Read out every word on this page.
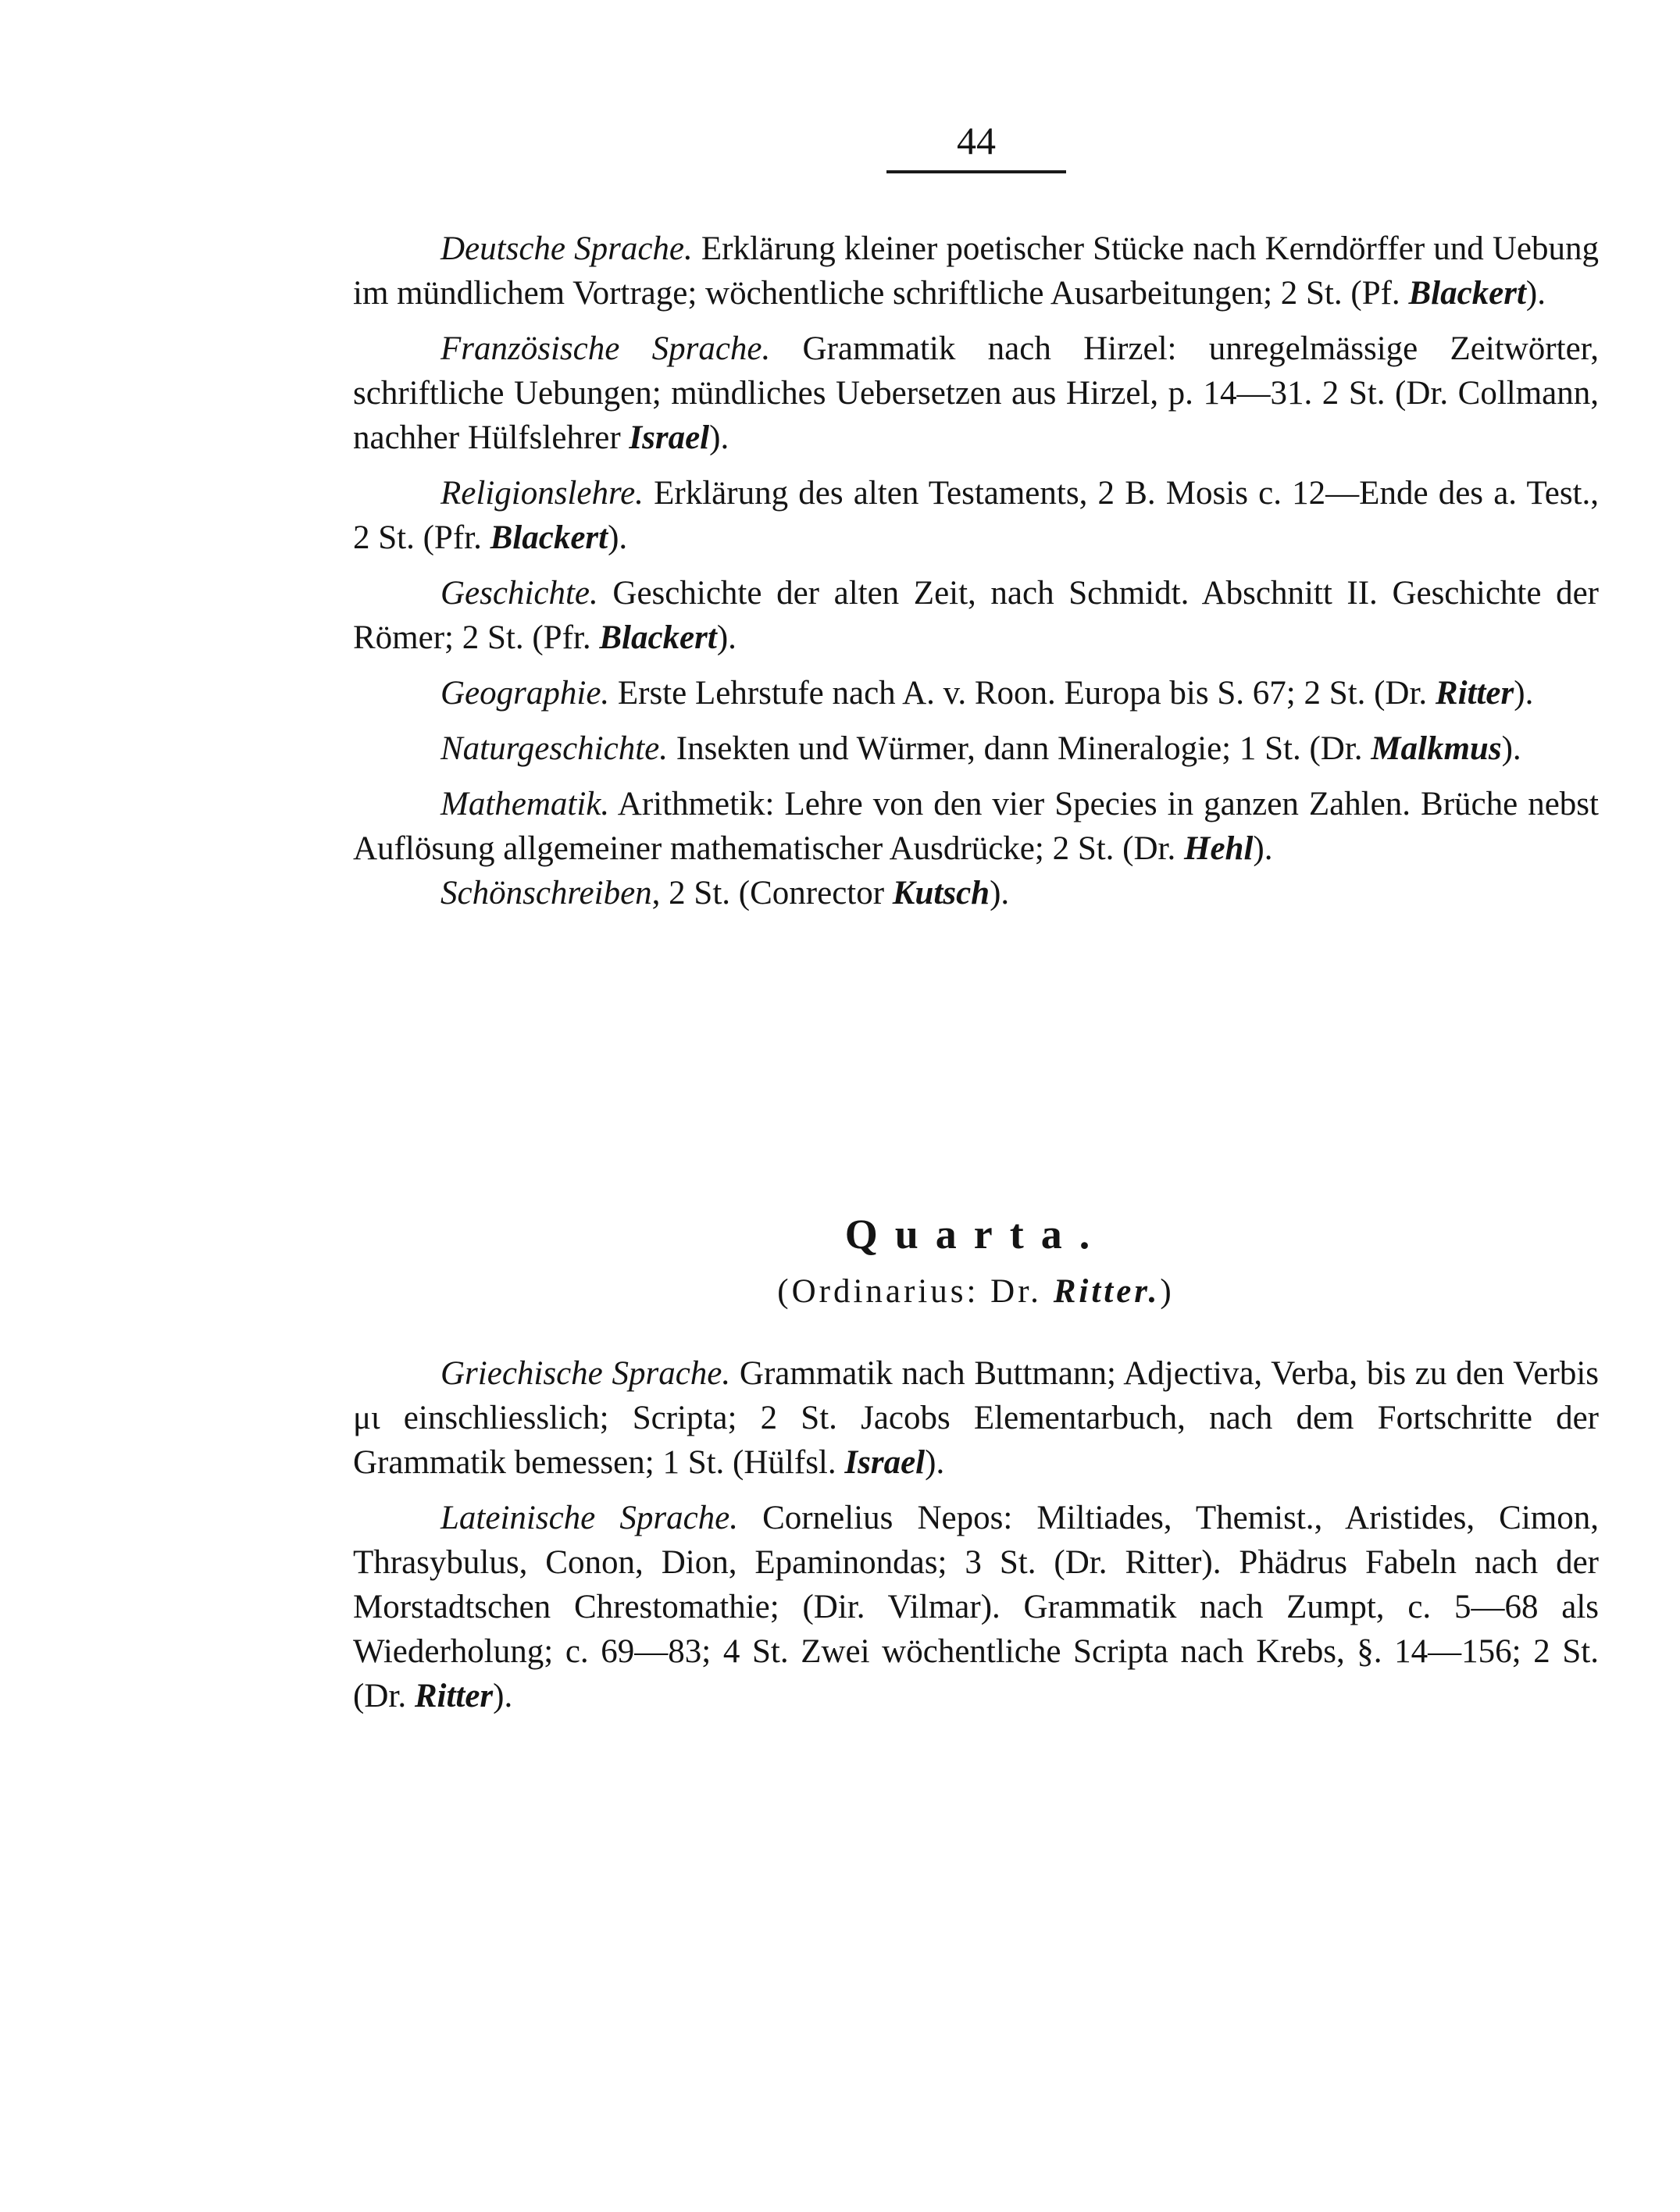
44

Deutsche Sprache. Erklärung kleiner poetischer Stücke nach Kerndörffer und Uebung im mündlichem Vortrage; wöchentliche schriftliche Ausarbeitungen; 2 St. (Pf. Blackert).

Französische Sprache. Grammatik nach Hirzel: unregelmässige Zeitwörter, schriftliche Uebungen; mündliches Uebersetzen aus Hirzel, p. 14—31. 2 St. (Dr. Collmann, nachher Hülfslehrer Israel).

Religionslehre. Erklärung des alten Testaments, 2 B. Mosis c. 12—Ende des a. Test., 2 St. (Pfr. Blackert).

Geschichte. Geschichte der alten Zeit, nach Schmidt. Abschnitt II. Geschichte der Römer; 2 St. (Pfr. Blackert).

Geographie. Erste Lehrstufe nach A. v. Roon. Europa bis S. 67; 2 St. (Dr. Ritter).

Naturgeschichte. Insekten und Würmer, dann Mineralogie; 1 St. (Dr. Malkmus).

Mathematik. Arithmetik: Lehre von den vier Species in ganzen Zahlen. Brüche nebst Auflösung allgemeiner mathematischer Ausdrücke; 2 St. (Dr. Hehl).

Schönschreiben, 2 St. (Conrector Kutsch).

Quarta.
(Ordinarius: Dr. Ritter.)

Griechische Sprache. Grammatik nach Buttmann; Adjectiva, Verba, bis zu den Verbis μι einschliesslich; Scripta; 2 St. Jacobs Elementarbuch, nach dem Fortschritte der Grammatik bemessen; 1 St. (Hülfsl. Israel).

Lateinische Sprache. Cornelius Nepos: Miltiades, Themist., Aristides, Cimon, Thrasybulus, Conon, Dion, Epaminondas; 3 St. (Dr. Ritter). Phädrus Fabeln nach der Morstadtschen Chrestomathie; (Dir. Vilmar). Grammatik nach Zumpt, c. 5—68 als Wiederholung; c. 69—83; 4 St. Zwei wöchentliche Scripta nach Krebs, §. 14—156; 2 St. (Dr. Ritter).
